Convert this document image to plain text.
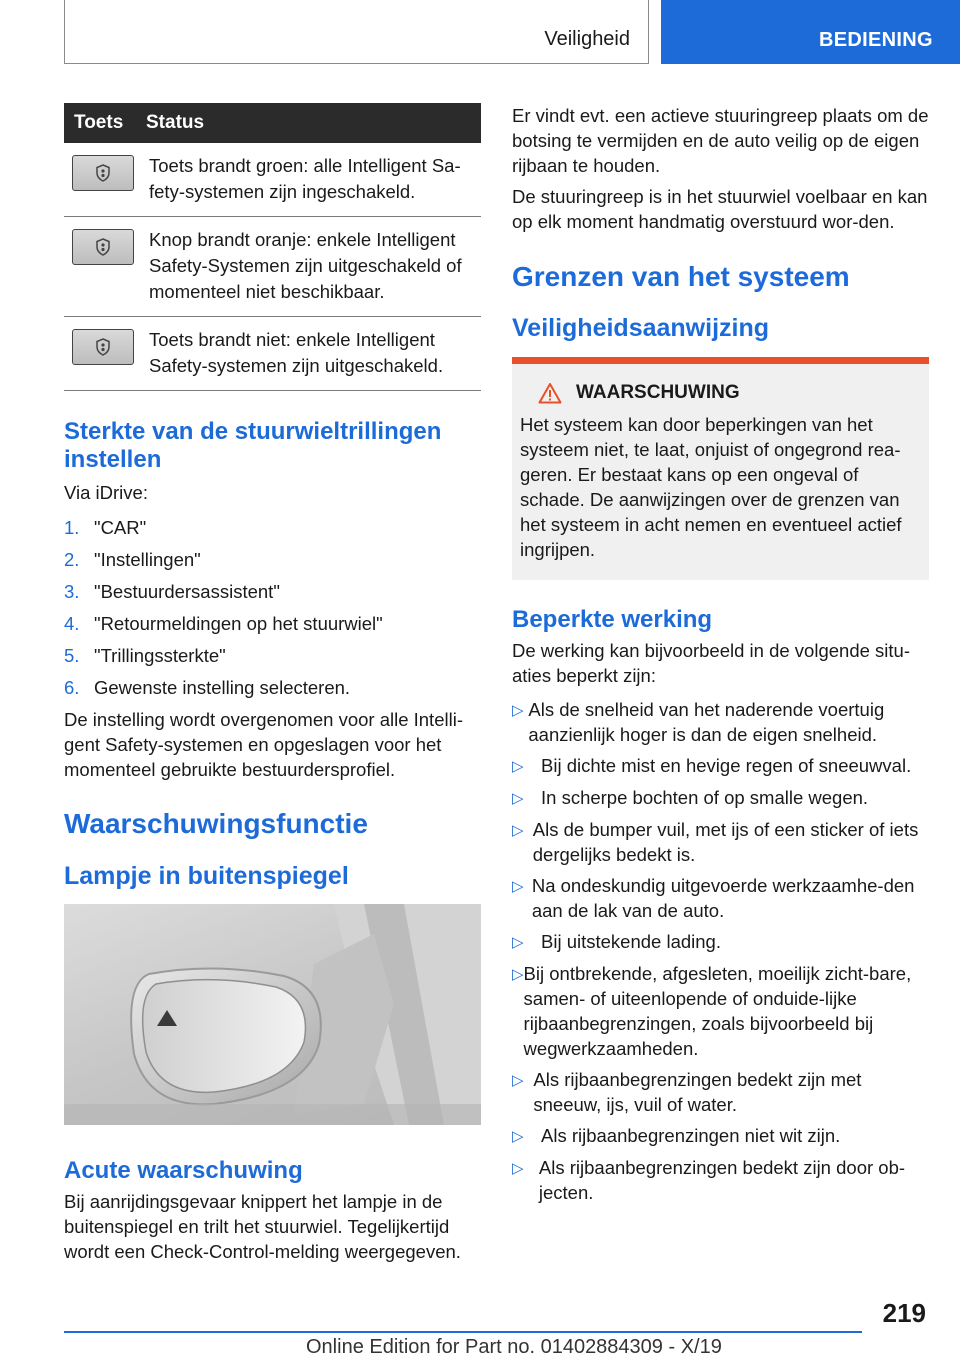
Veiligheid	BEDIENING
Toets	Status
Toets brandt groen: alle Intelligent Sa-fety-systemen zijn ingeschakeld.
Knop brandt oranje: enkele Intelligent Safety-Systemen zijn uitgeschakeld of momenteel niet beschikbaar.
Toets brandt niet: enkele Intelligent Safety-systemen zijn uitgeschakeld.
Sterkte van de stuurwieltrillingen instellen
Via iDrive:
1. "CAR"
2. "Instellingen"
3. "Bestuurdersassistent"
4. "Retourmeldingen op het stuurwiel"
5. "Trillingssterkte"
6. Gewenste instelling selecteren.
De instelling wordt overgenomen voor alle Intelli-gent Safety-systemen en opgeslagen voor het momenteel gebruikte bestuurdersprofiel.
Waarschuwingsfunctie
Lampje in buitenspiegel
Acute waarschuwing
Bij aanrijdingsgevaar knippert het lampje in de buitenspiegel en trilt het stuurwiel. Tegelijkertijd wordt een Check-Control-melding weergegeven.
Er vindt evt. een actieve stuuringreep plaats om de botsing te vermijden en de auto veilig op de eigen rijbaan te houden.
De stuuringreep is in het stuurwiel voelbaar en kan op elk moment handmatig overstuurd wor-den.
Grenzen van het systeem
Veiligheidsaanwijzing
WAARSCHUWING
Het systeem kan door beperkingen van het systeem niet, te laat, onjuist of ongegrond rea-geren. Er bestaat kans op een ongeval of schade. De aanwijzingen over de grenzen van het systeem in acht nemen en eventueel actief ingrijpen.
Beperkte werking
De werking kan bijvoorbeeld in de volgende situ-aties beperkt zijn:
▷ Als de snelheid van het naderende voertuig aanzienlijk hoger is dan de eigen snelheid.
▷ Bij dichte mist en hevige regen of sneeuwval.
▷ In scherpe bochten of op smalle wegen.
▷ Als de bumper vuil, met ijs of een sticker of iets dergelijks bedekt is.
▷ Na ondeskundig uitgevoerde werkzaamhe-den aan de lak van de auto.
▷ Bij uitstekende lading.
▷ Bij ontbrekende, afgesleten, moeilijk zicht-bare, samen- of uiteenlopende of onduide-lijke rijbaanbegrenzingen, zoals bijvoorbeeld bij wegwerkzaamheden.
▷ Als rijbaanbegrenzingen bedekt zijn met sneeuw, ijs, vuil of water.
▷ Als rijbaanbegrenzingen niet wit zijn.
▷ Als rijbaanbegrenzingen bedekt zijn door ob-jecten.
219
Online Edition for Part no. 01402884309 - X/19
